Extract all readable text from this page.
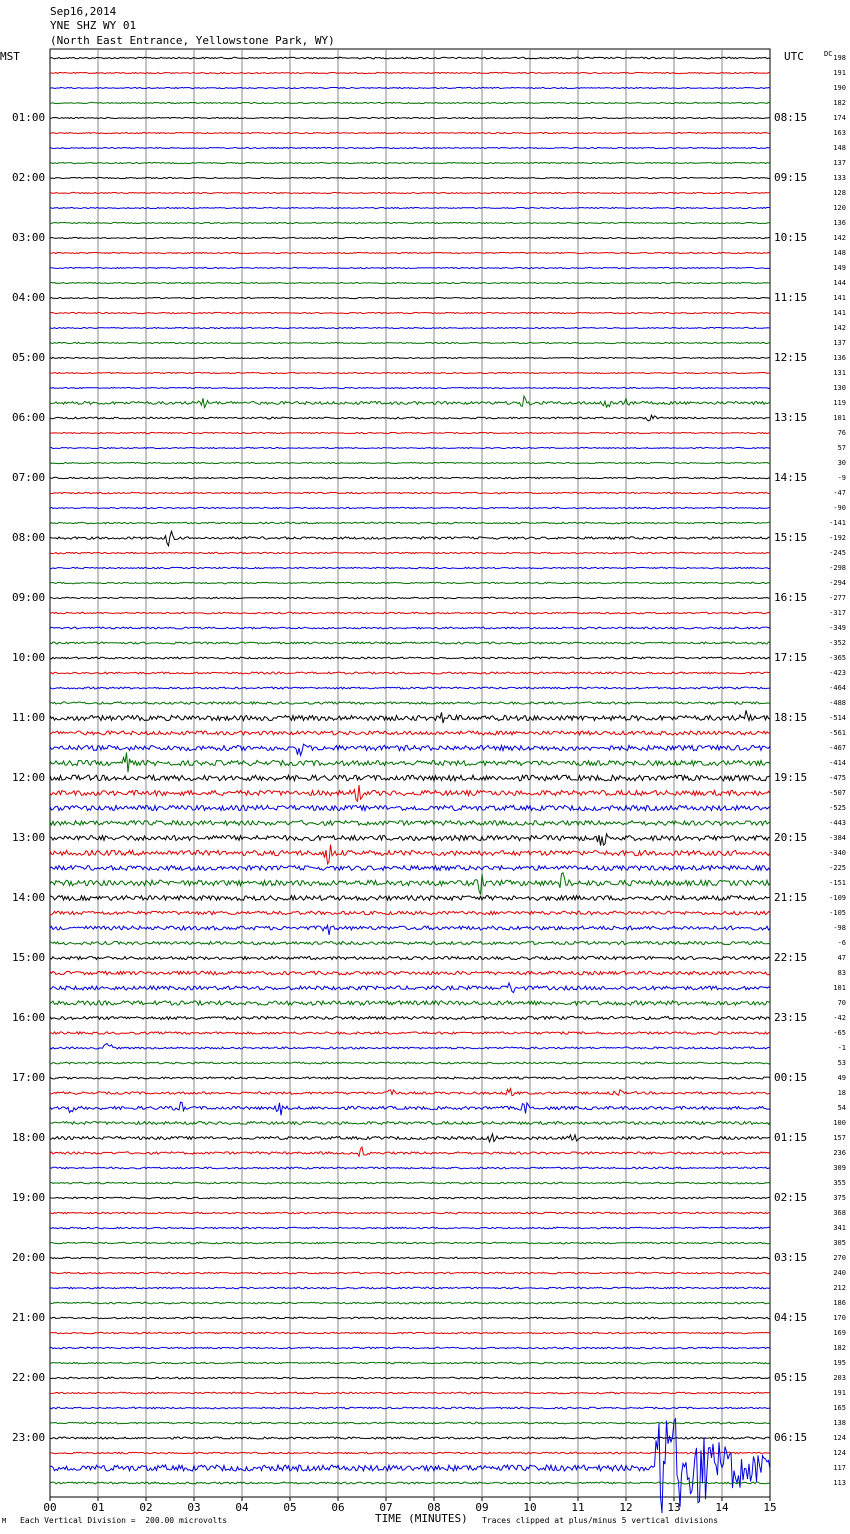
00	01	02	03	04	05	06	07	08	09	10	11	12	13	14	15
Sep16,2014
YNE SHZ WY 01
(North East Entrance, Yellowstone Park, WY)
MST	UTC	DC
01:00
02:00
03:00
04:00
05:00
06:00
07:00
08:00
09:00
10:00
11:00
12:00
13:00
14:00
15:00
16:00
17:00
18:00
19:00
20:00
21:00
22:00
23:00
08:15
09:15
10:15
11:15
12:15
13:15
14:15
15:15
16:15
17:15
18:15
19:15
20:15
21:15
22:15
23:15
00:15
01:15
02:15
03:15
04:15
05:15
06:15
198
191
190
182
174
163
148
137
133
128
120
136
142
148
149
144
141
141
142
137
136
131
130
119
101
76
57
30
-9
-47
-90
-141
-192
-245
-298
-294
-277
-317
-349
-352
-365
-423
-464
-488
-514
-561
-467
-414
-475
-507
-525
-443
-384
-340
-225
-151
-109
-105
-98
-6
47
83
101
70
-42
-65
-1
53
49
18
54
100
157
236
309
355
375
368
341
305
270
240
212
186
170
169
182
195
203
191
165
138
124
124
117
113
M Each Vertical Division =  200.00 microvolts	TIME (MINUTES) Traces clipped at plus/minus 5 vertical divisions
